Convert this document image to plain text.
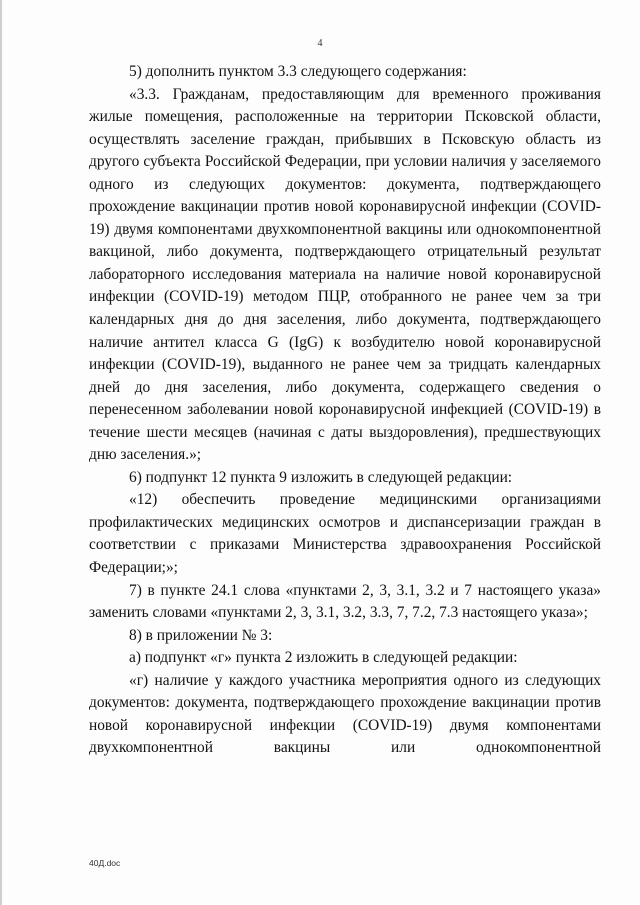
4

5) дополнить пунктом 3.3 следующего содержания:

«3.3. Гражданам, предоставляющим для временного проживания жилые помещения, расположенные на территории Псковской области, осуществлять заселение граждан, прибывших в Псковскую область из другого субъекта Российской Федерации, при условии наличия у заселяемого одного из следующих документов: документа, подтверждающего прохождение вакцинации против новой коронавирусной инфекции (COVID-19) двумя компонентами двухкомпонентной вакцины или однокомпонентной вакциной, либо документа, подтверждающего отрицательный результат лабораторного исследования материала на наличие новой коронавирусной инфекции (COVID-19) методом ПЦР, отобранного не ранее чем за три календарных дня до дня заселения, либо документа, подтверждающего наличие антител класса G (IgG) к возбудителю новой коронавирусной инфекции (COVID-19), выданного не ранее чем за тридцать календарных дней до дня заселения, либо документа, содержащего сведения о перенесенном заболевании новой коронавирусной инфекцией (COVID-19) в течение шести месяцев (начиная с даты выздоровления), предшествующих дню заселения.»;

6) подпункт 12 пункта 9 изложить в следующей редакции:

«12) обеспечить проведение медицинскими организациями профилактических медицинских осмотров и диспансеризации граждан в соответствии с приказами Министерства здравоохранения Российской Федерации;»;

7) в пункте 24.1 слова «пунктами 2, 3, 3.1, 3.2 и 7 настоящего указа» заменить словами «пунктами 2, 3, 3.1, 3.2, 3.3, 7, 7.2, 7.3 настоящего указа»;

8) в приложении № 3:

а) подпункт «г» пункта 2 изложить в следующей редакции:

«г) наличие у каждого участника мероприятия одного из следующих документов: документа, подтверждающего прохождение вакцинации против новой коронавирусной инфекции (COVID-19) двумя компонентами двухкомпонентной вакцины или однокомпонентной

40Д.doc
